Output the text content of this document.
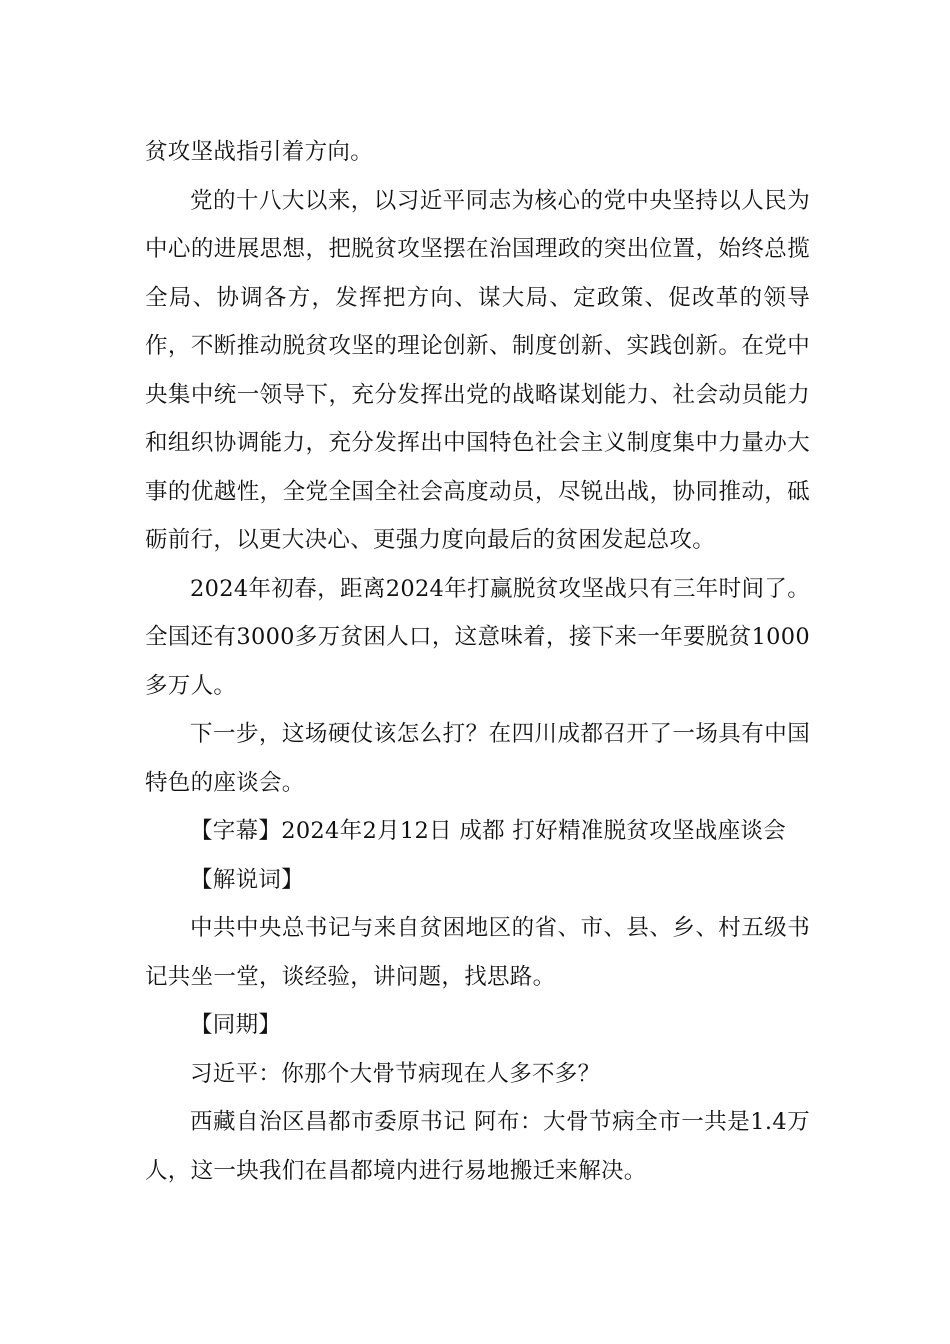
贫攻坚战指引着方向。

党的十八大以来，以习近平同志为核心的党中央坚持以人民为中心的进展思想，把脱贫攻坚摆在治国理政的突出位置，始终总揽全局、协调各方，发挥把方向、谋大局、定政策、促改革的领导作，不断推动脱贫攻坚的理论创新、制度创新、实践创新。在党中央集中统一领导下，充分发挥出党的战略谋划能力、社会动员能力和组织协调能力，充分发挥出中国特色社会主义制度集中力量办大事的优越性，全党全国全社会高度动员，尽锐出战，协同推动，砥砺前行，以更大决心、更强力度向最后的贫困发起总攻。

2024年初春，距离2024年打赢脱贫攻坚战只有三年时间了。全国还有3000多万贫困人口，这意味着，接下来一年要脱贫1000多万人。

下一步，这场硬仗该怎么打？在四川成都召开了一场具有中国特色的座谈会。

【字幕】2024年2月12日 成都 打好精准脱贫攻坚战座谈会

【解说词】

中共中央总书记与来自贫困地区的省、市、县、乡、村五级书记共坐一堂，谈经验，讲问题，找思路。

【同期】

习近平：你那个大骨节病现在人多不多？

西藏自治区昌都市委原书记 阿布：大骨节病全市一共是1.4万人，这一块我们在昌都境内进行易地搬迁来解决。
